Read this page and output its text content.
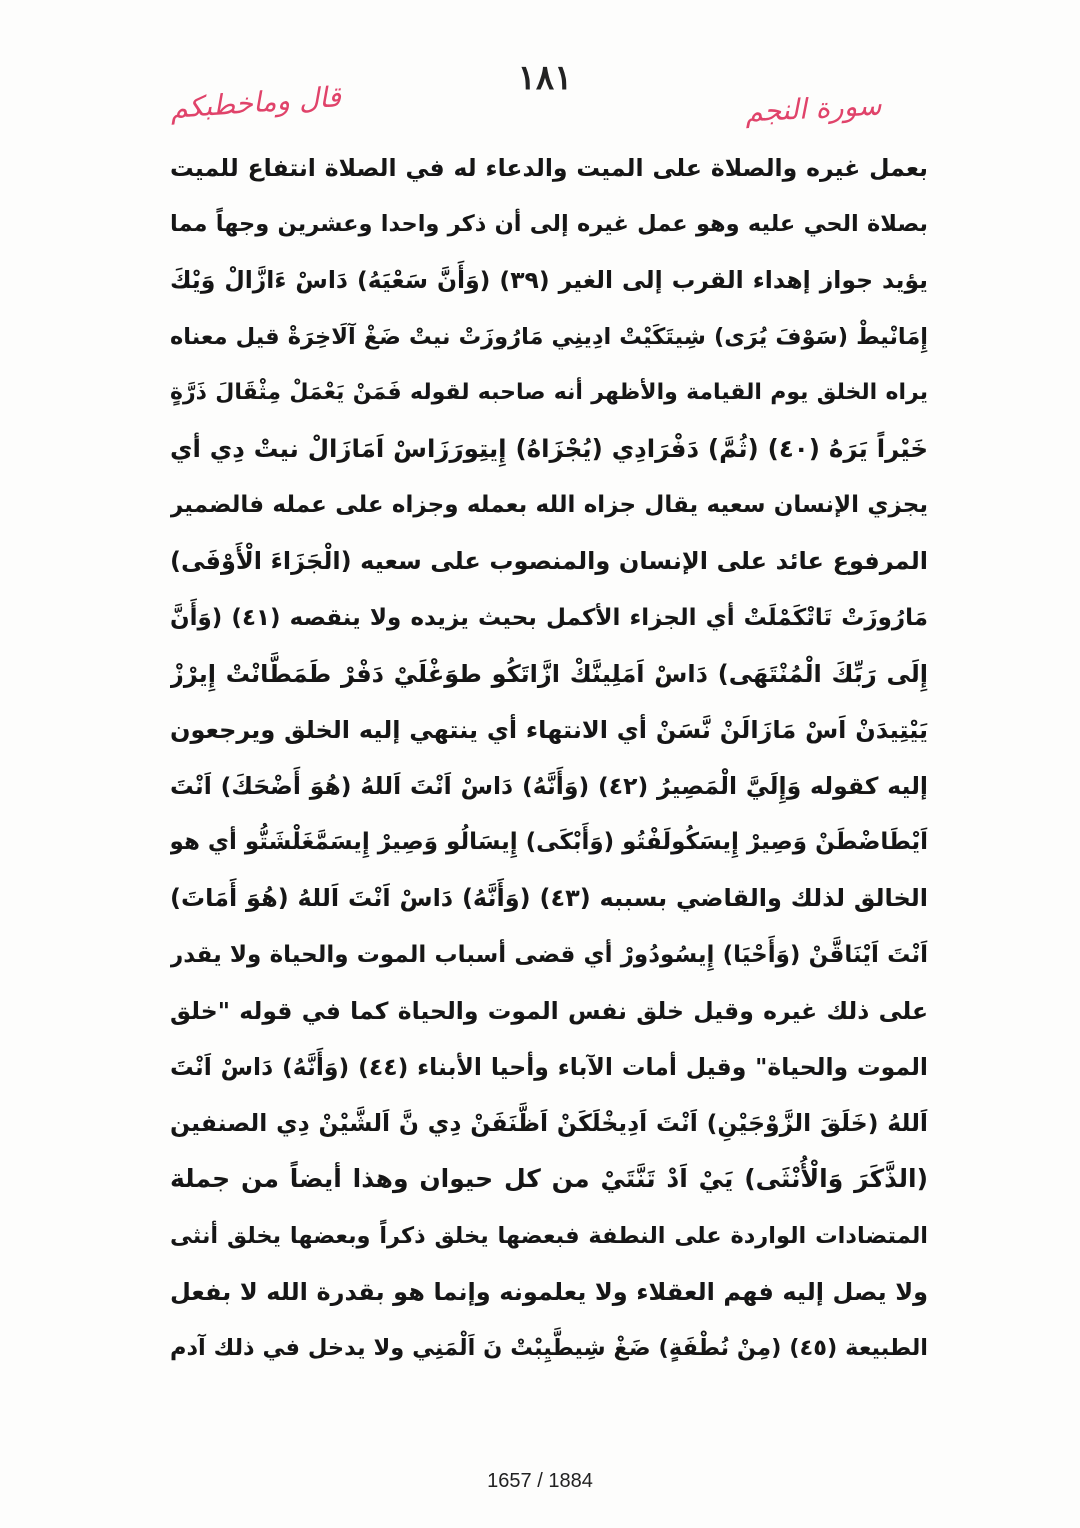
قال وماخطبكم
١٨١
سورة النجم
بعمل غيره والصلاة على الميت والدعاء له في الصلاة انتفاع للميت
بصلاة الحي عليه وهو عمل غيره إلى أن ذكر واحدا وعشرين وجهاً مما
يؤيد جواز إهداء القرب إلى الغير (٣٩) (وَأَنَّ سَعْيَهُ) دَاسْ ءَازَّالْ وَيْكَ
إِمَانْيطْ (سَوْفَ يُرَى) شِيتَكَيْتْ ادِينِي مَارُوزَتْ نيتْ ضَغْ آلَاخِرَةْ قيل معناه
يراه الخلق يوم القيامة والأظهر أنه صاحبه لقوله فَمَنْ يَعْمَلْ مِثْقَالَ ذَرَّةٍ
خَيْراً يَرَهُ (٤٠) (ثُمَّ) دَفْرَادِي (يُجْزَاهُ) إِيتِورَزَاسْ اَمَازَالْ نيتْ دِي أي
يجزي الإنسان سعيه يقال جزاه الله بعمله وجزاه على عمله فالضمير
المرفوع عائد على الإنسان والمنصوب على سعيه (الْجَزَاءَ الْأَوْفَى)
مَارُوزَتْ تَاتْكَمْلَتْ أي الجزاء الأكمل بحيث يزيده ولا ينقصه (٤١) (وَأَنَّ
إِلَى رَبِّكَ الْمُنْتَهَى) دَاسْ اَمَلِينَّكْ ازَّاتَكُو طوَغْلَيْ دَفْرْ طَمَطَّانْتْ إِيرْزْ
يَيْتِيدَنْ اَسْ مَازَالَنْ نَّسَنْ أي الانتهاء أي ينتهي إليه الخلق ويرجعون
إليه كقوله وَإِلَيَّ الْمَصِيرُ (٤٢) (وَأَنَّهُ) دَاسْ اَنْتَ اَللهُ (هُوَ أَضْحَكَ) اَنْتَ
اَيْطَاضْطَنْ وَصِيرْ إِيسَكُولَفْتُو (وَأَبْكَى) إِيسَالُو وَصِيرْ إِيسَمَّغَلْشَتُّو أي هو
الخالق لذلك والقاضي بسببه (٤٣) (وَأَنَّهُ) دَاسْ اَنْتَ اَللهُ (هُوَ أَمَاتَ)
اَنْتَ اَيْنَاقَّنْ (وَأَحْيَا) إِيسُودُورْ أي قضى أسباب الموت والحياة ولا يقدر
على ذلك غيره وقيل خلق نفس الموت والحياة كما في قوله "خلق
الموت والحياة" وقيل أمات الآباء وأحيا الأبناء (٤٤) (وَأَنَّهُ) دَاسْ اَنْتَ
اَللهُ (خَلَقَ الزَّوْجَيْنِ) اَنْتَ اَدِيخْلَكَنْ اَظَّنَفَنْ دِي نَّ اَلشَّيْنْ دِي الصنفين
(الذَّكَرَ وَالْأُنْثَى) يَيْ اَدْ تَنَّتَيْ من كل حيوان وهذا أيضاً من جملة
المتضادات الواردة على النطفة فبعضها يخلق ذكراً وبعضها يخلق أنثى
ولا يصل إليه فهم العقلاء ولا يعلمونه وإنما هو بقدرة الله لا بفعل
الطبيعة (٤٥) (مِنْ نُطْفَةٍ) ضَغْ شِيطَّيِبْتْ نَ اَلْمَنِي ولا يدخل في ذلك آدم
1657 / 1884
